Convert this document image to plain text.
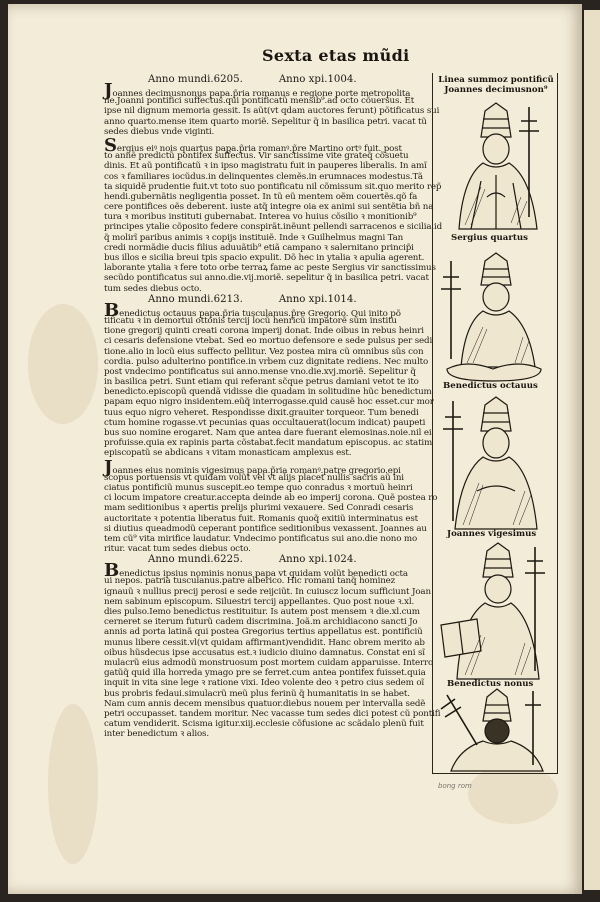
Sexta etas mũdi
Anno mundi.6205.	Anno xpi.1004.
Joannes decimusnonus papa.p̃ria romanus e regione porte metropolita
ne.Joanni pontifici suffectus.qui pontificatũ mensib⁹.ad octo cõuersus. Et
ipse nil dignum memoria gessit. Is aũt(vt qdam auctores ferunt) põtificatus sui
anno quarto.mense item quarto moriẽ. Sepelitur q̃ in basilica petri. vacat tũ
sedes diebus vnde viginti.
Sergius eiꝰ nois quartus papa.p̃ria romanꝰ.p̃re Martino ortꝰ fuit. post
to annẽ predictũ pontifex suffectus. Vir sanctissime vite grateq̃ cõsuetu
dinis. Et aũ pontificatũ ꝛ in ipso magistratu fuit in pauperes liberalis. In amĩ
cos ꝛ familiares iocũdus.in delinquentes clemẽs.in erumnaces modestus.Tã
ta siquidẽ prudentie fuit.vt toto suo pontificatu nil cõmissum sit.quo merito rep̃
hendi.gubernãtis negligentia posset. In tũ eũ mentem oẽm couertẽs.qõ fa
cere pontifices oẽs deberent. iuste atq̃ integre oia ex animi sui sentẽtia bñ na
tura ꝛ moribus instituti gubernabat. Interea vo huius cõsilio ꝛ monitionib⁹
principes ytalie cõposito federe conspirãt.inẽunt pellendi sarracenos e sicilia.id
q̃ molirĩ paribus animis ꝛ copijs instituiẽ. Inde ꝛ Guilhelmus magni Tan
credi normãdie ducis filius aduuãtib⁹ etiã campano ꝛ salernitano princip̃i
bus illos e sicilia breui tpis spacio expulit. Dõ hec in ytalia ꝛ apulia agerent.
laborante ytalia ꝛ fere toto orbe terraꝝ fame ac peste Sergius vir sanctissimus
secũdo pontificatus sui anno.die.vij.moriẽ. sepelitur q̃ in basilica petri. vacat
tum sedes diebus octo.
Anno mundi.6213.	Anno xpi.1014.
Benedictus octauus papa.p̃ria tusculanus.p̃re Gregorio. Qui inito põ
tificatu ꝛ in demortui ottonis tercij locũ henricũ impatorẽ sũm institu
tione gregorij quinti creati corona imperij donat. Inde oibus in rebus heinri
ci cesaris defensione vtebat. Sed eo mortuo defensore e sede pulsus per sedi
tione.alio in locũ eius suffecto pellitur. Vez postea mira cũ omnibus sũs con
cordia. pulso adulterino pontifice.in vrbem cuz dignitate rediens. Nec multo
post vndecimo pontificatus sui anno.mense vno.die.xvj.moriẽ. Sepelitur q̃
in basilica petri. Sunt etiam qui referant sc̃que petrus damiani vetot te ito
benedicto.episcopũ quendã vidisse die quadam in solitudine hũc benedictum
papam equo nigro insidentem.eũq̃ interrogasse.quid causẽ hoc esset.cur mor
tuus equo nigro veheret. Respondisse dixit.grauiter torqueor. Tum benedi
ctum homine rogasse.vt pecunias quas occultauerat(locum indicat) paupeti
bus suo nomine erogaret. Nam que antea dare fuerant elemosinas.noie.nil ei
profuisse.quia ex rapinis parta cõstabat.fecit mandatum episcopus. ac statim
episcopatũ se abdicans ꝛ vitam monasticam amplexus est.
Joannes eius nominis vigesimus papa.p̃ria romanꝰ.patre gregorio.epi
scopus portuensis vt quidam volũt vel vt alijs placet nullis sacris aũ ini
ciatus pontificiũ munus suscepit.eo tempe quo conradus ꝛ mortuũ heinri
ci locum impatore creatur.accepta deinde ab eo imperij corona. Quẽ postea ro
mam seditionibus ꝛ apertis prelijs plurimi vexauere. Sed Conradi cesaris
auctoritate ꝛ potentia liberatus fuit. Romanis quoq̃ exitiũ interminatus est
si diutius queadmodũ ceperant pontifice seditionibus vexassent. Joannes au
tem cũ⁹ vita mirifice laudatur. Vndecimo pontificatus sui ano.die nono mo
ritur. vacat tum sedes diebus octo.
Anno mundi.6225.	Anno xpi.1024.
Benedictus ipsius nominis nonus papa vt quidam volũt benedicti octa
ui nepos. patria tusculanus.patre alberico. Hic romani tanq̃ hominez
ignauũ ꝛ nullius precij perosi e sede reijciũt. In cuiuscz locum sufficiunt Joan
nem sabinum episcopum. Siluestri tercij appellantes. Quo post noue ꝛ.xl.
dies pulso.Iemo benedictus restituitur. Is autem post mensem ꝛ die.xl.cum
cerneret se iterum futurũ cadem discrimina. Joã.m archidiacono sancti Jo
annis ad porta latinã qui postea Gregorius tertius appellatus est. pontificiũ
munus libere cessit.vl(vt quidam affirmant)vendidit. Hanc obrem merito ab
oibus hũsdecus ipse accusatus est.ꝛ iudicio diuino damnatus. Constat eni sĩ
mulacrũ eius admodũ monstruosum post mortem cuidam apparuisse. Interro
gatũq̃ quid illa horreda ymago pre se ferret.cum antea pontifex fuisset.quia
inquit in vita sine lege ꝛ ratione vixi. Ideo volente deo ꝛ petro cius sedem oĩ
bus probris fedaui.simulacrũ meũ plus ferinũ q̃ humanitatis in se habet.
Nam cum annis decem mensibus quatuor.diebus nouem per intervalla sedẽ
petri occupasset. tandem moritur. Nec vacasse tum sedes dici potest cũ pontifi
catum vendiderit. Scisma igitur.xiij.ecclesie cõfusione ac scãdalo plenũ fuit
inter benedictum ꝛ alios.
Linea summoz pontificũ
Joannes decimusnon⁹
Sergius quartus
Benedictus octauus
Joannes vigesimus
Benedictus nonus
bong rom
